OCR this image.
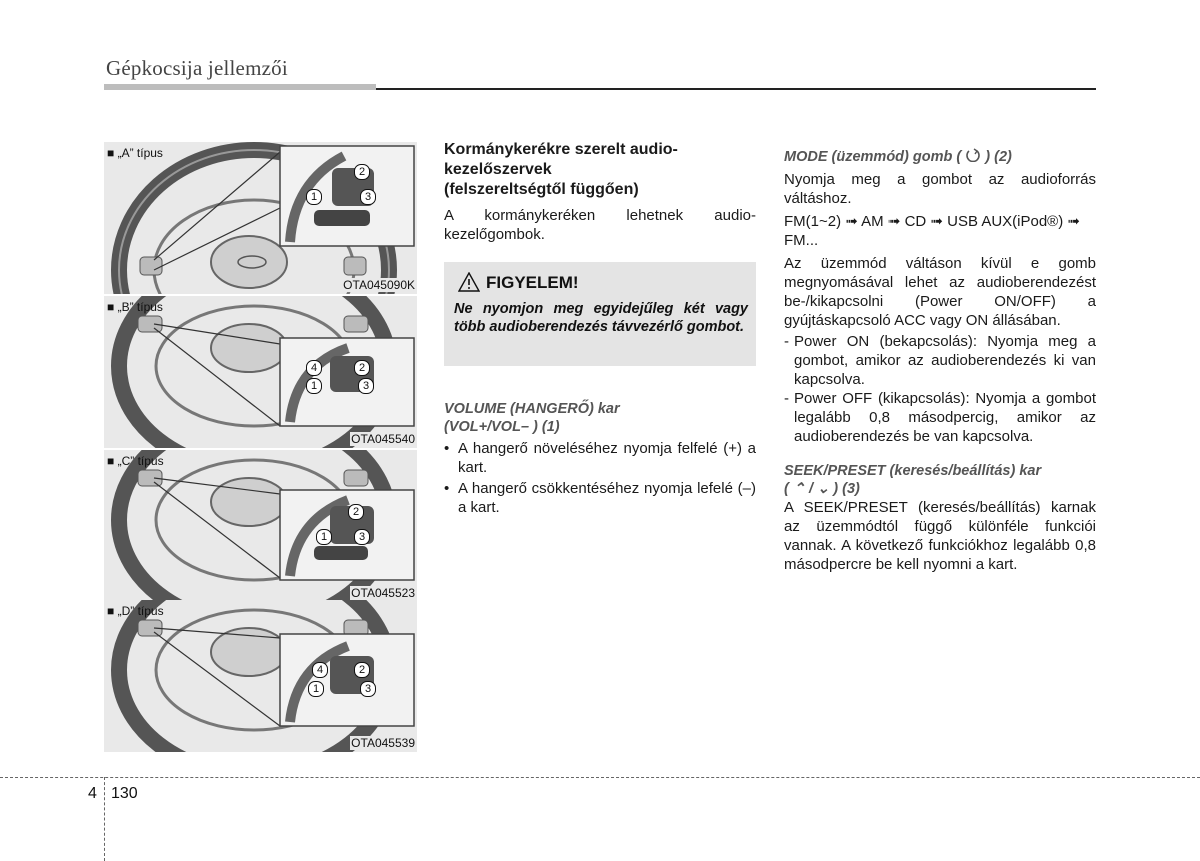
Gépkocsija jellemzői
■ „A” típus
2
1	3
OTA045090K
■ „B” típus
4	2
1	3
OTA045540
■ „C” típus
2
1	3
OTA045523
■ „D” típus
4	2
1	3
OTA045539

Kormánykerékre szerelt audio-

kezelőszervek

(felszereltségtől függően)

A kormánykeréken lehetnek audio-kezelőgombok.

FIGYELEM!
Ne nyomjon meg egyidejűleg két vagy több audioberendezés távvezérlő gombot.

VOLUME (HANGERŐ) kar

(VOL+/VOL– ) (1)

• A hangerő növeléséhez nyomja felfelé (+) a kart.
• A hangerő csökkentéséhez nyomja lefelé (–) a kart.

MODE (üzemmód) gomb ( ) (2)

Nyomja meg a gombot az audioforrás váltáshoz.

FM(1~2) ➟ AM ➟ CD ➟ USB AUX(iPod®) ➟ FM...

Az üzemmód váltáson kívül e gomb megnyomásával lehet az audioberendezést be-/kikapcsolni (Power ON/OFF) a gyújtáskapcsoló ACC vagy ON állásában.

- Power ON (bekapcsolás): Nyomja meg a gombot, amikor az audioberendezés ki van kapcsolva.
- Power OFF (kikapcsolás): Nyomja a gombot legalább 0,8 másodpercig, amikor az audioberendezés be van kapcsolva.

SEEK/PRESET (keresés/beállítás) kar

( ⌃ / ⌄ ) (3)

A SEEK/PRESET (keresés/beállítás) karnak az üzemmódtól függő különféle funkciói vannak. A következő funkciókhoz legalább 0,8 másodpercre be kell nyomni a kart.

4 130
